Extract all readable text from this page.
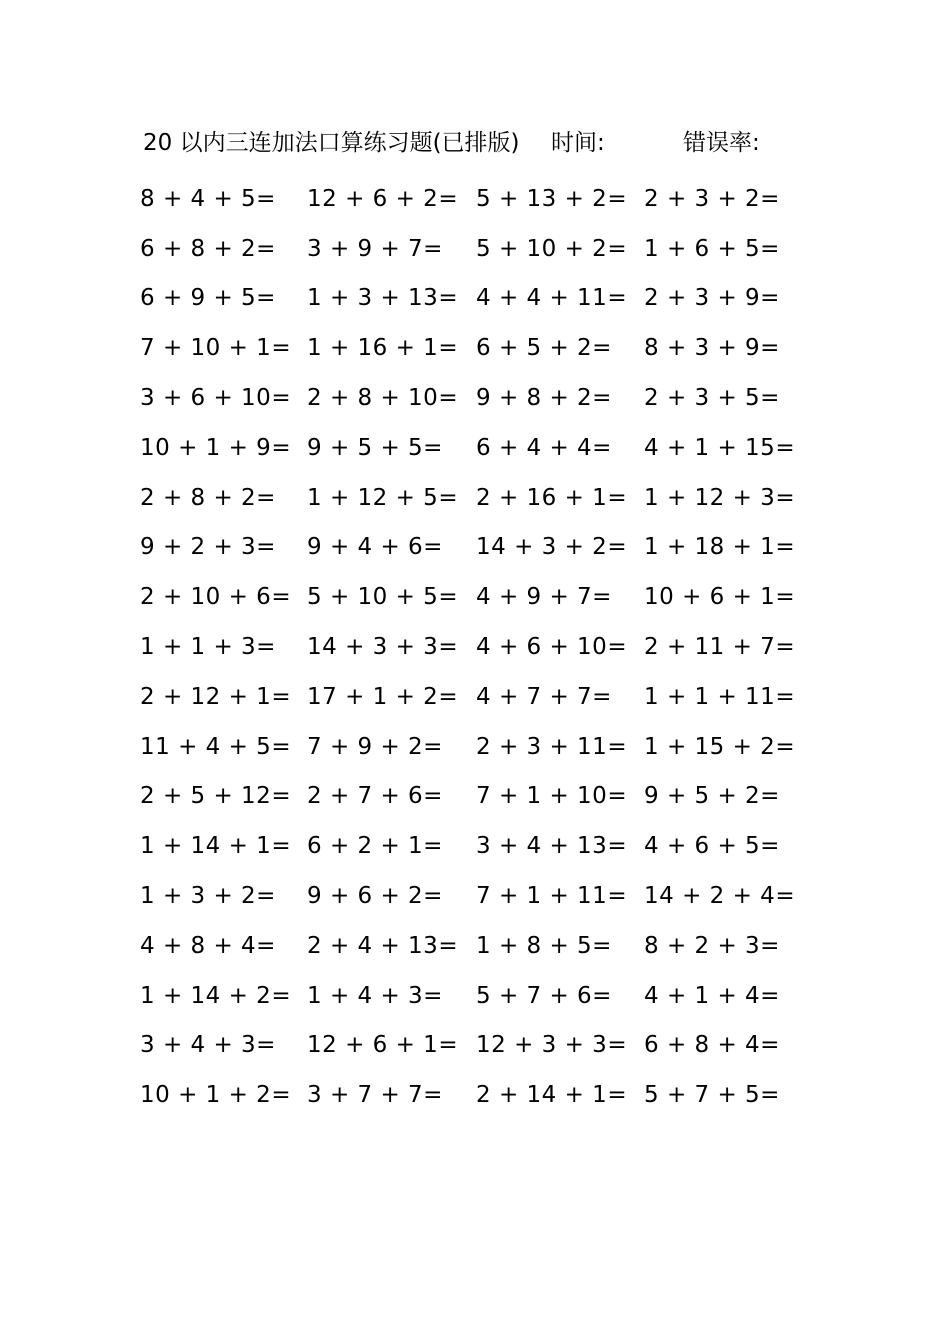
20 以内三连加法口算练习题(已排版) 时间:	错误率:
8 + 4 + 5=	12 + 6 + 2= 5 + 13 + 2= 2 + 3 + 2=
6 + 8 + 2=	3 + 9 + 7=	5 + 10 + 2= 1 + 6 + 5=
6 + 9 + 5=	1 + 3 + 13= 4 + 4 + 11= 2 + 3 + 9=
7 + 10 + 1= 1 + 16 + 1= 6 + 5 + 2=	8 + 3 + 9=
3 + 6 + 10= 2 + 8 + 10= 9 + 8 + 2=	2 + 3 + 5=
10 + 1 + 9= 9 + 5 + 5=	6 + 4 + 4=	4 + 1 + 15=
2 + 8 + 2=	1 + 12 + 5= 2 + 16 + 1= 1 + 12 + 3=
9 + 2 + 3=	9 + 4 + 6=	14 + 3 + 2= 1 + 18 + 1=
2 + 10 + 6= 5 + 10 + 5= 4 + 9 + 7=	10 + 6 + 1=
1 + 1 + 3=	14 + 3 + 3= 4 + 6 + 10= 2 + 11 + 7=
2 + 12 + 1= 17 + 1 + 2= 4 + 7 + 7=	1 + 1 + 11=
11 + 4 + 5= 7 + 9 + 2=	2 + 3 + 11= 1 + 15 + 2=
2 + 5 + 12= 2 + 7 + 6=	7 + 1 + 10= 9 + 5 + 2=
1 + 14 + 1= 6 + 2 + 1=	3 + 4 + 13= 4 + 6 + 5=
1 + 3 + 2=	9 + 6 + 2=	7 + 1 + 11= 14 + 2 + 4=
4 + 8 + 4=	2 + 4 + 13= 1 + 8 + 5=	8 + 2 + 3=
1 + 14 + 2= 1 + 4 + 3=	5 + 7 + 6=	4 + 1 + 4=
3 + 4 + 3=	12 + 6 + 1= 12 + 3 + 3= 6 + 8 + 4=
10 + 1 + 2= 3 + 7 + 7=	2 + 14 + 1= 5 + 7 + 5=
